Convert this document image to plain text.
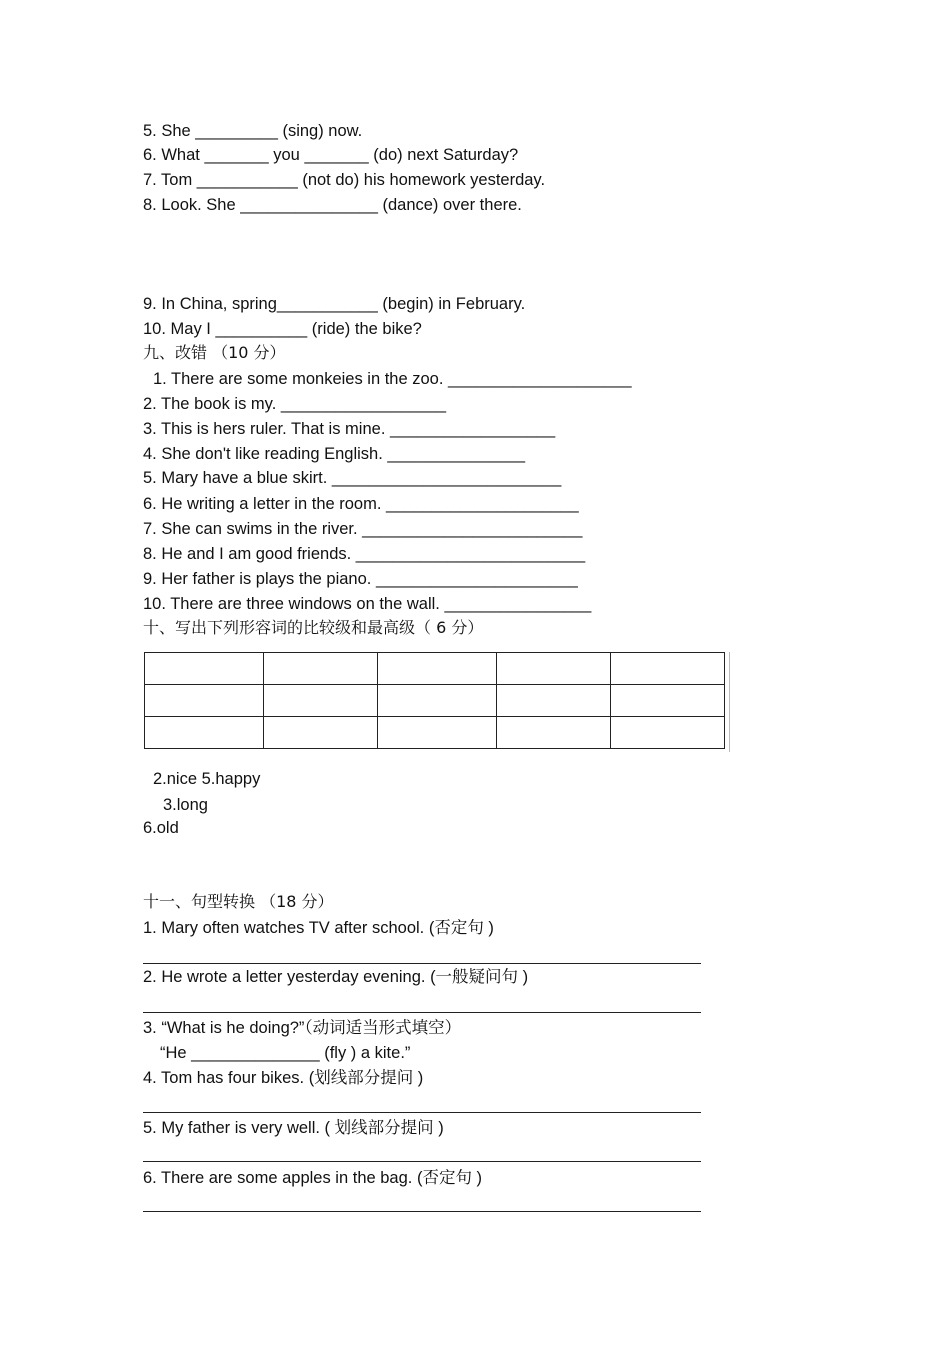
5. She _________ (sing) now.
6. What _______ you _______ (do) next Saturday?
7. Tom ___________ (not do) his homework yesterday.
8. Look. She _______________ (dance) over there.
9. In China, spring___________ (begin) in February.
10. May I __________ (ride) the bike?
九、改错 （10 分）
1. There are some monkeies in the zoo. ____________________
2. The book is my. __________________
3. This is hers ruler. That is mine. __________________
4. She don't like reading English. _______________
5. Mary have a blue skirt. _________________________
6. He writing a letter in the room. _____________________
7. She can swims in the river. ________________________
8. He and I am good friends. _________________________
9. Her father is plays the piano. ______________________
10. There are three windows on the wall. ________________
十、写出下列形容词的比较级和最高级（ 6 分）

2.nice 5.happy
3.long
6.old
十一、句型转换 （18 分）
1. Mary often watches TV after school. (否定句 )
2. He wrote a letter yesterday evening. (一般疑问句 )
3. “What is he doing?”（动词适当形式填空）
“He ______________ (fly ) a kite.”
4. Tom has four bikes. (划线部分提问 )
5. My father is very well. ( 划线部分提问 )
6. There are some apples in the bag. (否定句 )
